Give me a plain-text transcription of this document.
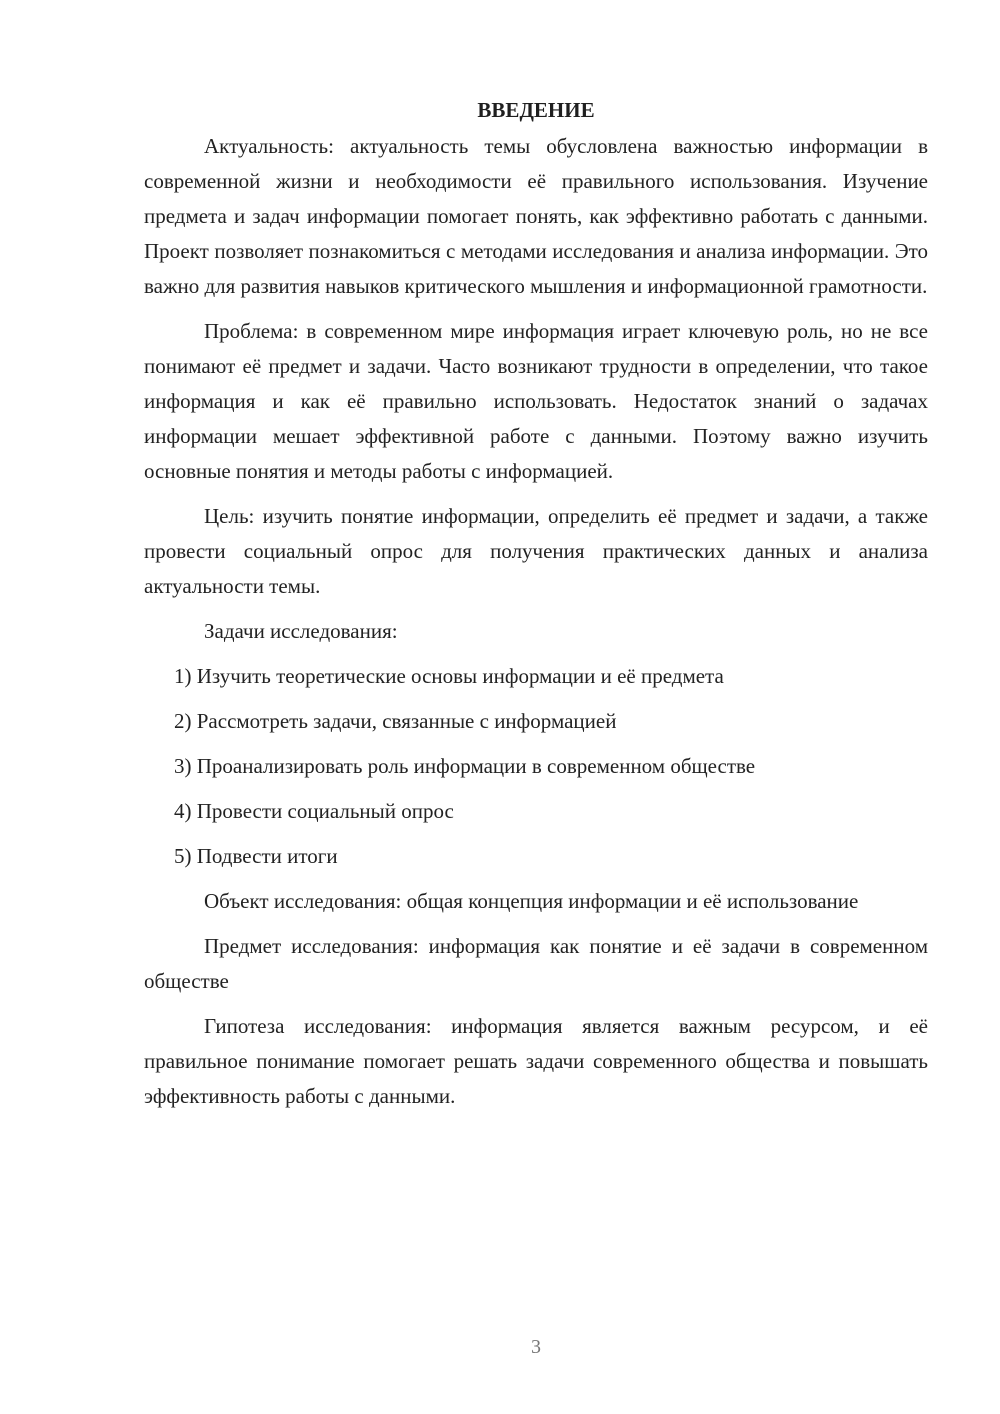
ВВЕДЕНИЕ

Актуальность: актуальность темы обусловлена важностью информации в современной жизни и необходимости её правильного использования. Изучение предмета и задач информации помогает понять, как эффективно работать с данными. Проект позволяет познакомиться с методами исследования и анализа информации. Это важно для развития навыков критического мышления и информационной грамотности.

Проблема: в современном мире информация играет ключевую роль, но не все понимают её предмет и задачи. Часто возникают трудности в определении, что такое информация и как её правильно использовать. Недостаток знаний о задачах информации мешает эффективной работе с данными. Поэтому важно изучить основные понятия и методы работы с информацией.

Цель: изучить понятие информации, определить её предмет и задачи, а также провести социальный опрос для получения практических данных и анализа актуальности темы.

Задачи исследования:

1) Изучить теоретические основы информации и её предмета
2) Рассмотреть задачи, связанные с информацией
3) Проанализировать роль информации в современном обществе
4) Провести социальный опрос
5) Подвести итоги

Объект исследования: общая концепция информации и её использование

Предмет исследования: информация как понятие и её задачи в современном обществе

Гипотеза исследования: информация является важным ресурсом, и её правильное понимание помогает решать задачи современного общества и повышать эффективность работы с данными.

3
